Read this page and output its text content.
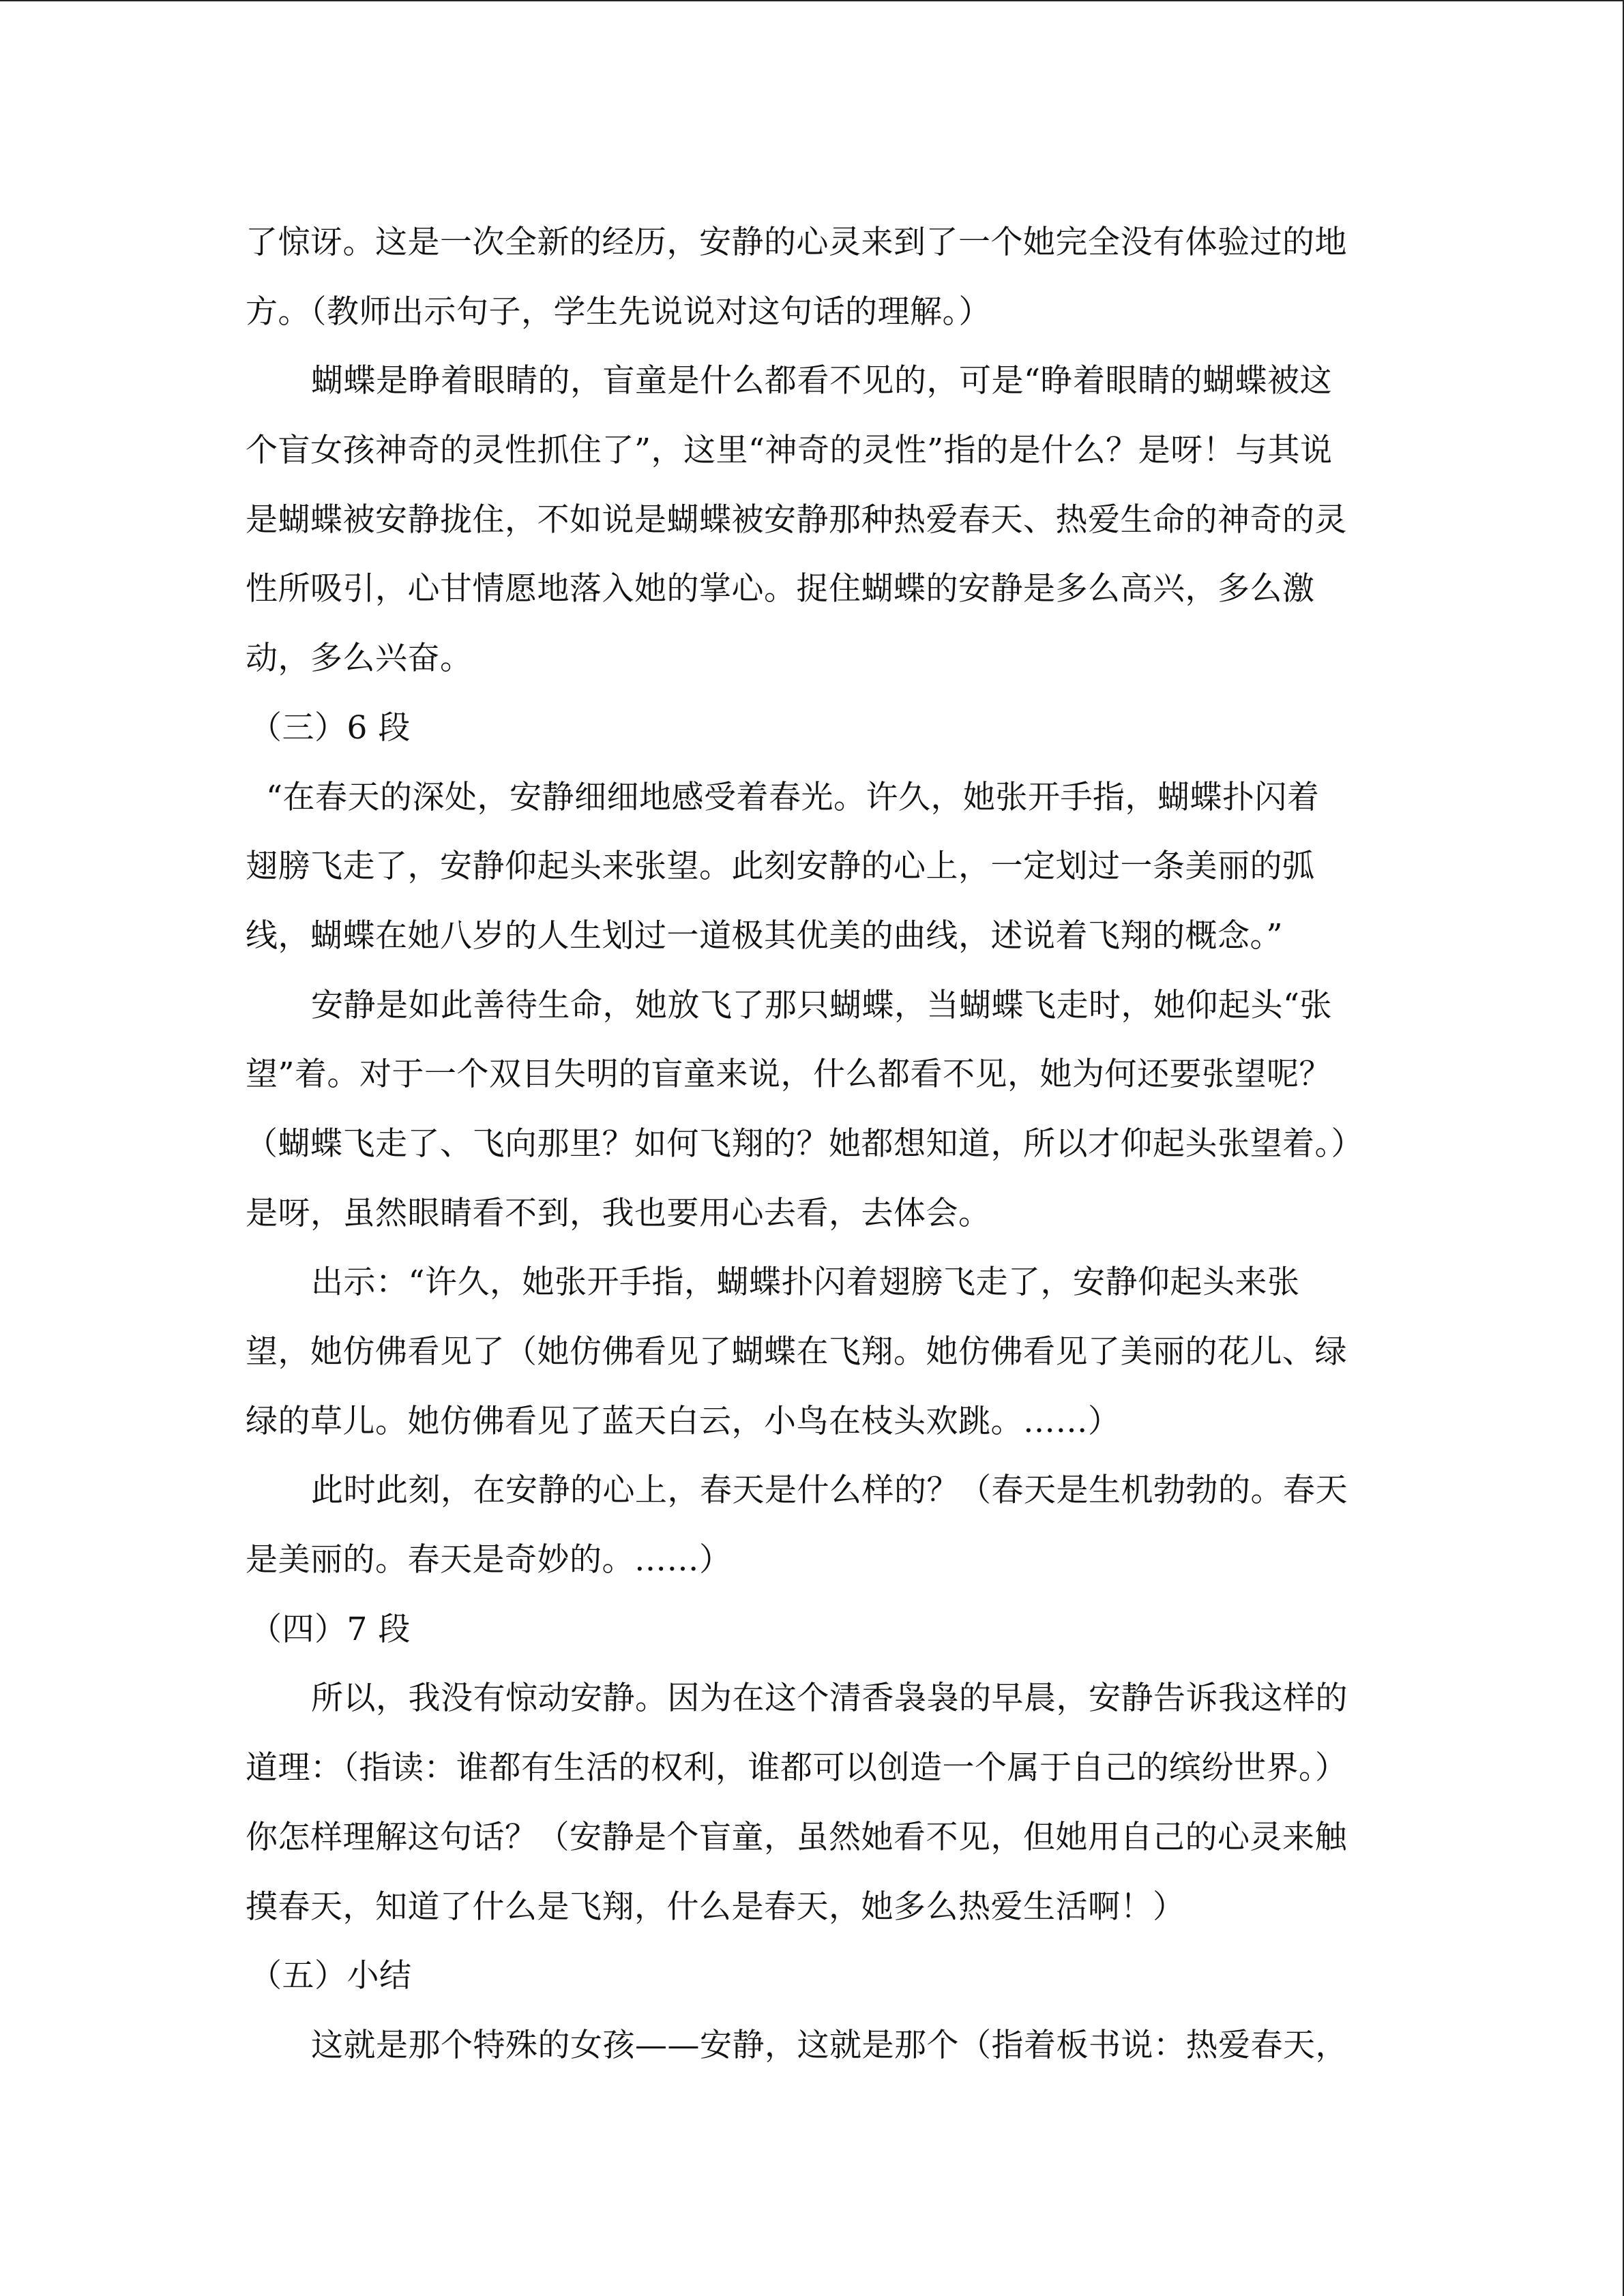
了惊讶。这是一次全新的经历，安静的心灵来到了一个她完全没有体验过的地
方。（教师出示句子，学生先说说对这句话的理解。）
蝴蝶是睁着眼睛的，盲童是什么都看不见的，可是“睁着眼睛的蝴蝶被这
个盲女孩神奇的灵性抓住了”，这里“神奇的灵性”指的是什么？是呀！与其说
是蝴蝶被安静拢住，不如说是蝴蝶被安静那种热爱春天、热爱生命的神奇的灵
性所吸引，心甘情愿地落入她的掌心。捉住蝴蝶的安静是多么高兴，多么激
动，多么兴奋。
（三）6 段
“在春天的深处，安静细细地感受着春光。许久，她张开手指，蝴蝶扑闪着
翅膀飞走了，安静仰起头来张望。此刻安静的心上，一定划过一条美丽的弧
线，蝴蝶在她八岁的人生划过一道极其优美的曲线，述说着飞翔的概念。”
安静是如此善待生命，她放飞了那只蝴蝶，当蝴蝶飞走时，她仰起头“张
望”着。对于一个双目失明的盲童来说，什么都看不见，她为何还要张望呢？
（蝴蝶飞走了、飞向那里？如何飞翔的？她都想知道，所以才仰起头张望着。）
是呀，虽然眼睛看不到，我也要用心去看，去体会。
出示：“许久，她张开手指，蝴蝶扑闪着翅膀飞走了，安静仰起头来张
望，她仿佛看见了（她仿佛看见了蝴蝶在飞翔。她仿佛看见了美丽的花儿、绿
绿的草儿。她仿佛看见了蓝天白云，小鸟在枝头欢跳。……）
此时此刻，在安静的心上，春天是什么样的？（春天是生机勃勃的。春天
是美丽的。春天是奇妙的。……）
（四）7 段
所以，我没有惊动安静。因为在这个清香袅袅的早晨，安静告诉我这样的
道理：（指读：谁都有生活的权利，谁都可以创造一个属于自己的缤纷世界。）
你怎样理解这句话？（安静是个盲童，虽然她看不见，但她用自己的心灵来触
摸春天，知道了什么是飞翔，什么是春天，她多么热爱生活啊！）
（五）小结
这就是那个特殊的女孩——安静，这就是那个（指着板书说：热爱春天，
